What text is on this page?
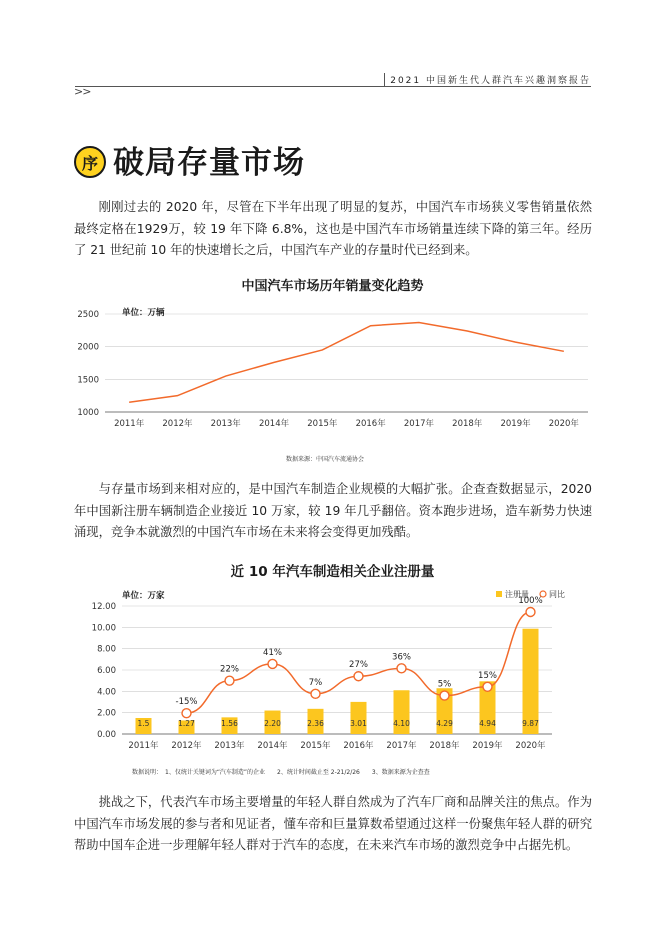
>>
2021 中国新生代人群汽车兴趣洞察报告
序 破局存量市场

刚刚过去的 2020 年，尽管在下半年出现了明显的复苏，中国汽车市场狭义零售销量依然最终定格在1929万，较 19 年下降 6.8%，这也是中国汽车市场销量连续下降的第三年。经历了 21 世纪前 10 年的快速增长之后，中国汽车产业的存量时代已经到来。

中国汽车市场历年销量变化趋势
2500
2000
1500
1000
单位：万辆
2011年 2012年 2013年 2014年 2015年 2016年 2017年 2018年 2019年 2020年
数据来源：中国汽车流通协会

与存量市场到来相对应的，是中国汽车制造企业规模的大幅扩张。企查查数据显示，2020 年中国新注册车辆制造企业接近 10 万家，较 19 年几乎翻倍。资本跑步进场，造车新势力快速涌现，竞争本就激烈的中国汽车市场在未来将会变得更加残酷。

近 10 年汽车制造相关企业注册量
12.00
10.00
8.00
6.00
4.00
2.00
0.00
单位：万家	注册量	同比
2011年 2012年 2013年 2014年 2015年 2016年 2017年 2018年 2019年 2020年
1.5	1.27	1.56	2.20	2.36	3.01	4.10	4.29	4.94	9.87
-15%
22%
41%
7%
27%
36%
5%
15%
100%
数据说明：　1、仅统计关键词为“汽车制造”的企业　　2、统计时间截止至 2-21/2/26　　3、数据来源为企查查

挑战之下，代表汽车市场主要增量的年轻人群自然成为了汽车厂商和品牌关注的焦点。作为中国汽车市场发展的参与者和见证者，懂车帝和巨量算数希望通过这样一份聚焦年轻人群的研究帮助中国车企进一步理解年轻人群对于汽车的态度，在未来汽车市场的激烈竞争中占据先机。
